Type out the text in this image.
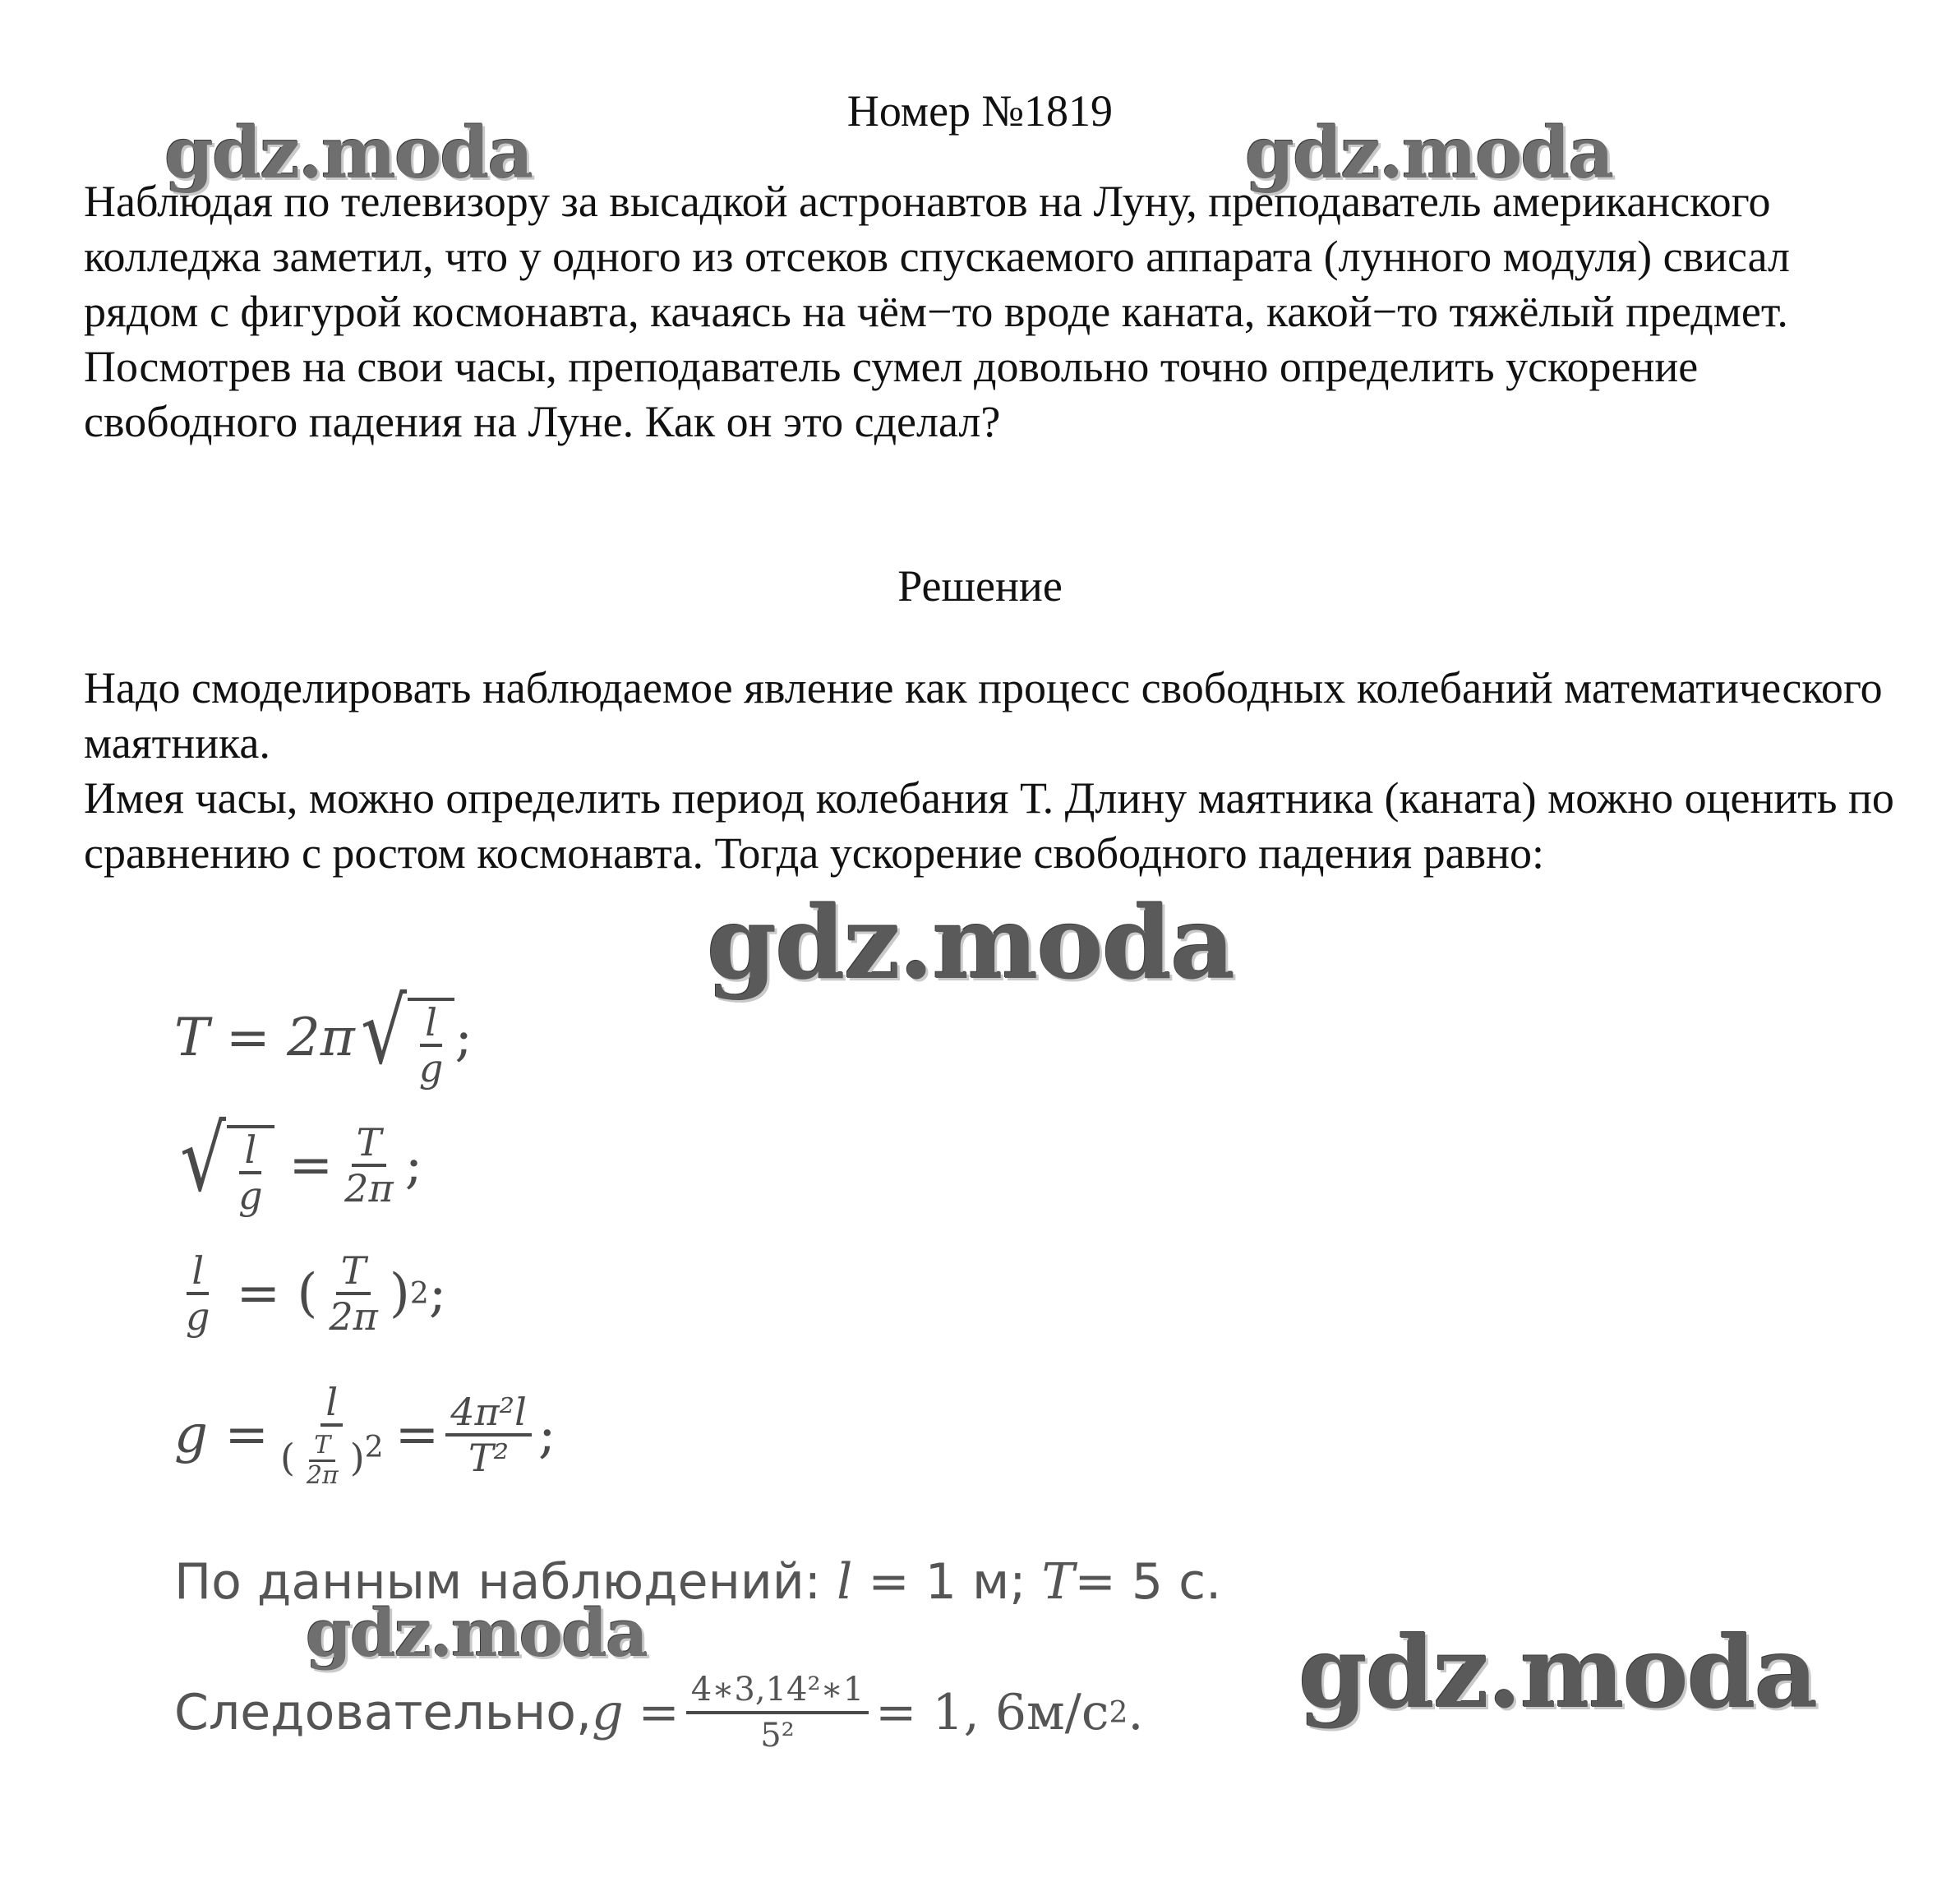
Номер №1819
gdz.moda	gdz.moda
Наблюдая по телевизору за высадкой астронавтов на Луну, преподаватель американского колледжа заметил, что у одного из отсеков спускаемого аппарата (лунного модуля) свисал рядом с фигурой космонавта, качаясь на чём−то вроде каната, какой−то тяжёлый предмет. Посмотрев на свои часы, преподаватель сумел довольно точно определить ускорение свободного падения на Луне. Как он это сделал?
Решение

Надо смоделировать наблюдаемое явление как процесс свободных колебаний математического маятника.

Имея часы, можно определить период колебания Т. Длину маятника (каната) можно оценить по сравнению с ростом космонавта. Тогда ускорение свободного падения равно:

gdz.moda
T = 2π √ $\frac{l}{g}$ ;
√ $\frac{l}{g} = \frac{T}{2\pi}$ ;
$\frac{l}{g}$ = ( $\frac{T}{2\pi}$ ) 2 ;
$g = \frac{l}{( \frac{T}{2\pi} )^2} = \frac{\text{4π²l}}{\text{T²}}$ ;
По данным наблюдений: l = 1 м; T= 5 с.
gdz.moda
Следовательно, $g = \frac{\text{4∗3,14²∗1}}{\text{5²}} = 1$, 6м/с 2 . gdz.moda
